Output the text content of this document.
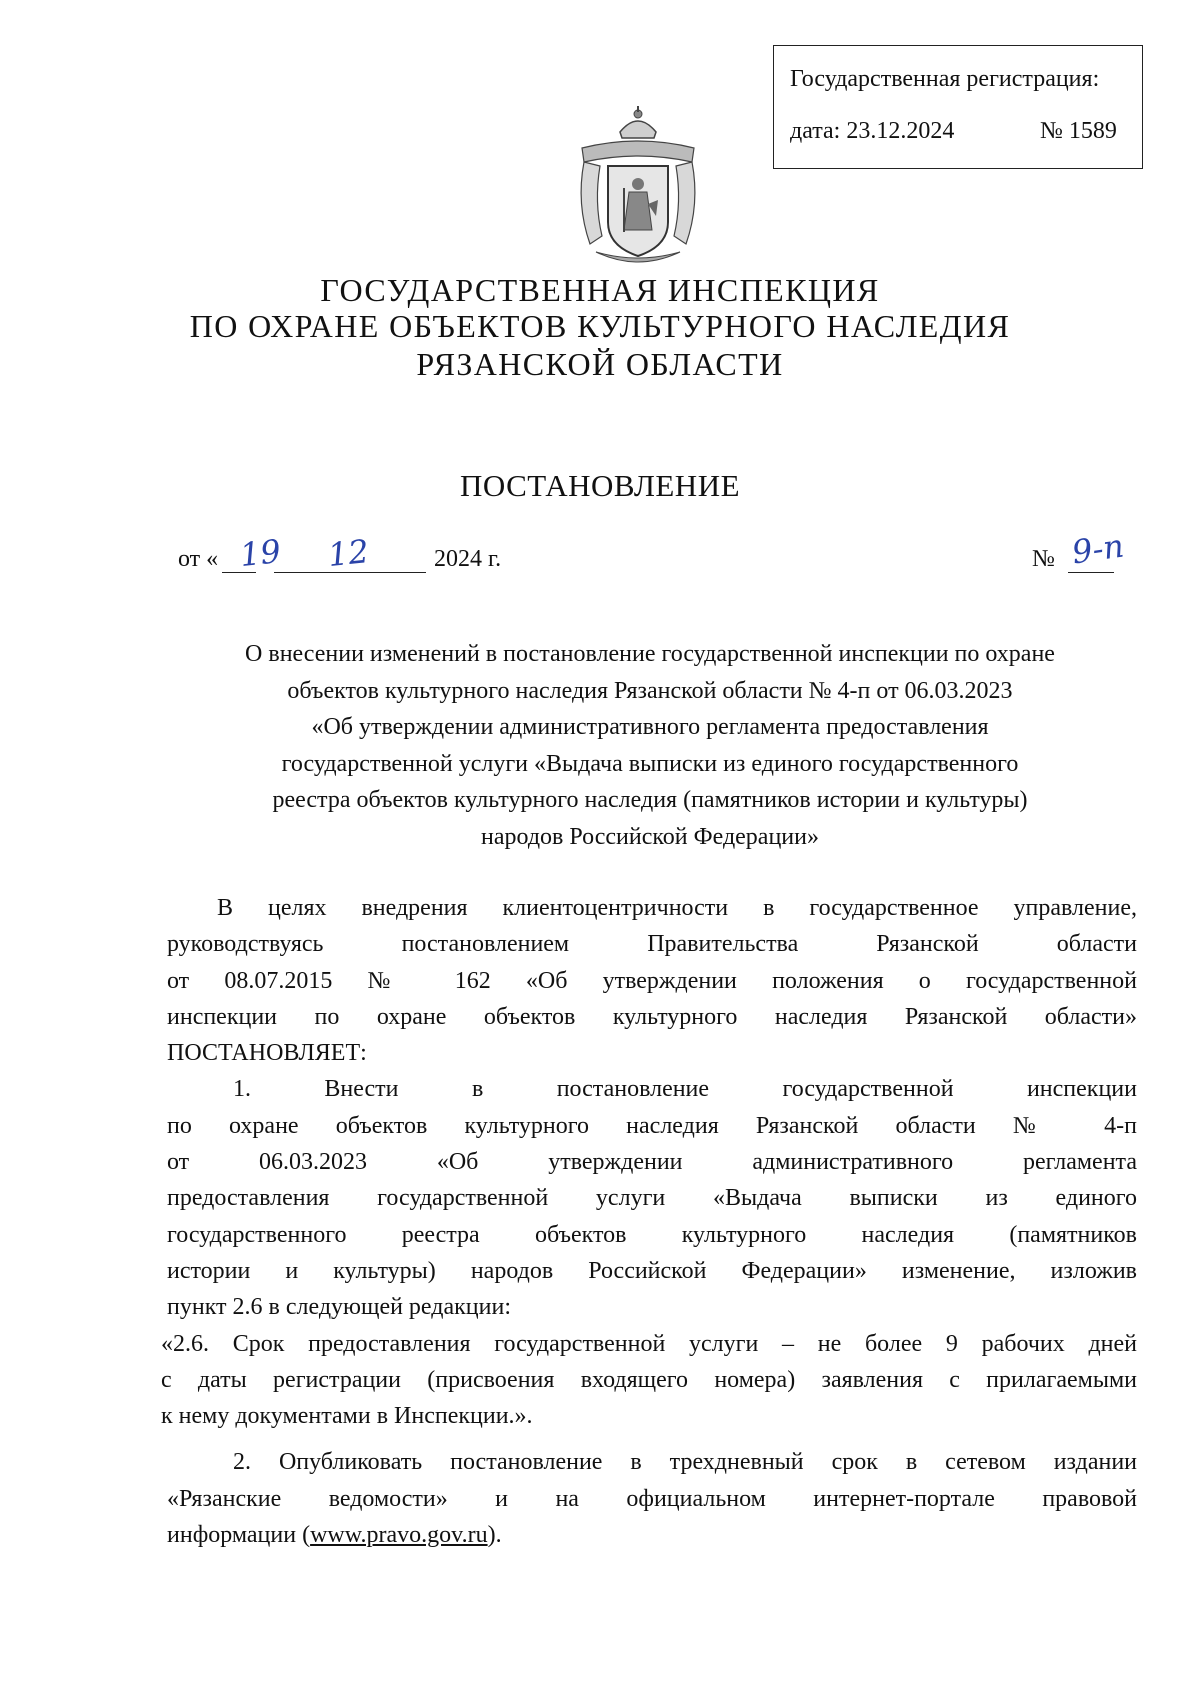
Государственная регистрация:
дата: 23.12.2024	№ 1589
ГОСУДАРСТВЕННАЯ ИНСПЕКЦИЯ
ПО ОХРАНЕ ОБЪЕКТОВ КУЛЬТУРНОГО НАСЛЕДИЯ
РЯЗАНСКОЙ ОБЛАСТИ
ПОСТАНОВЛЕНИЕ
от « 19 12	2024 г.	№ 9-п
О внесении изменений в постановление государственной инспекции по охране
объектов культурного наследия Рязанской области № 4-п от 06.03.2023
«Об утверждении административного регламента предоставления
государственной услуги «Выдача выписки из единого государственного
реестра объектов культурного наследия (памятников истории и культуры)
народов Российской Федерации»
В целях внедрения клиентоцентричности в государственное управление,
руководствуясь постановлением Правительства Рязанской области
от 08.07.2015 № 162 «Об утверждении положения о государственной
инспекции по охране объектов культурного наследия Рязанской области»
ПОСТАНОВЛЯЕТ:
1. Внести в постановление государственной инспекции
по охране объектов культурного наследия Рязанской области № 4-п
от 06.03.2023 «Об утверждении административного регламента
предоставления государственной услуги «Выдача выписки из единого
государственного реестра объектов культурного наследия (памятников
истории и культуры) народов Российской Федерации» изменение, изложив
пункт 2.6 в следующей редакции:
«2.6. Срок предоставления государственной услуги – не более 9 рабочих дней
с даты регистрации (присвоения входящего номера) заявления с прилагаемыми
к нему документами в Инспекции.».
2. Опубликовать постановление в трехдневный срок в сетевом издании
«Рязанские ведомости» и на официальном интернет-портале правовой
информации (www.pravo.gov.ru).
